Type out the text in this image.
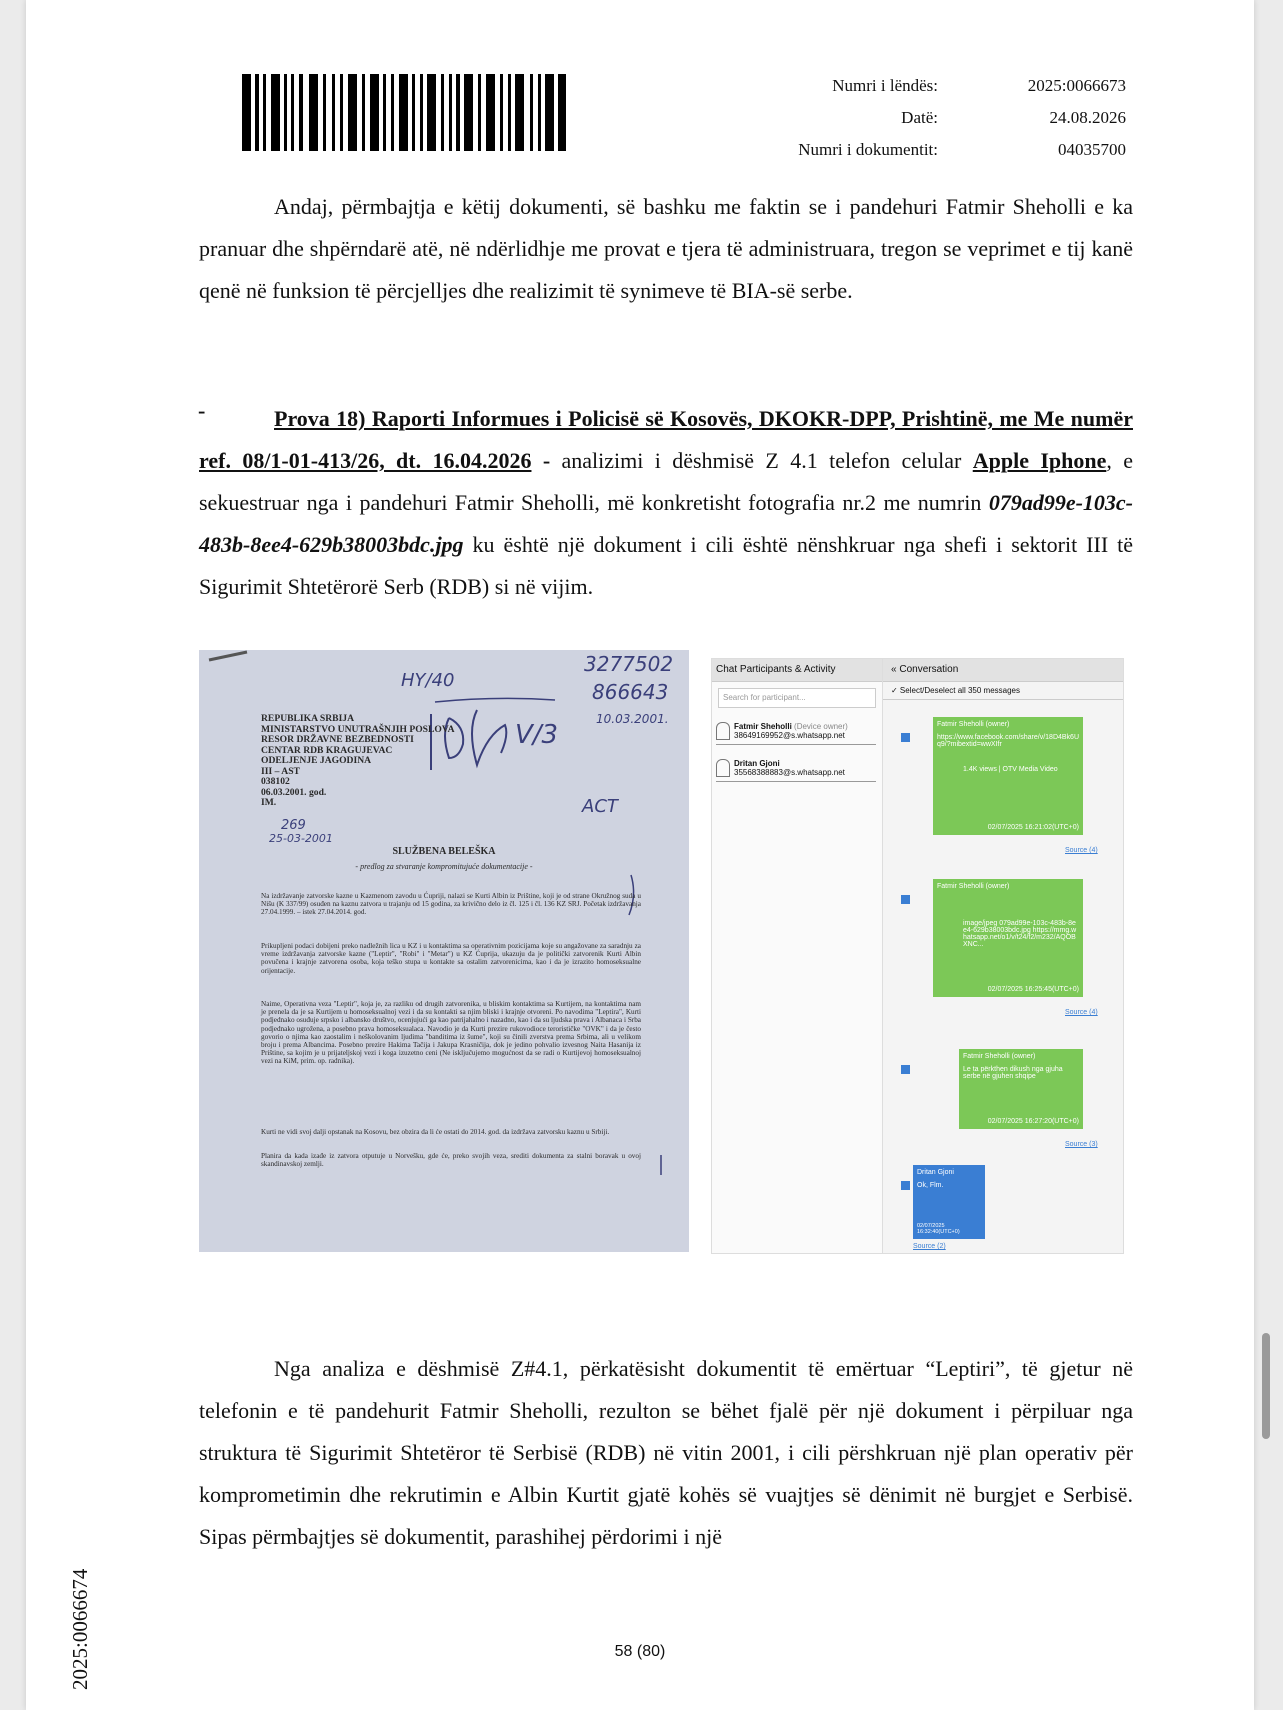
Numri i lëndës:	2025:0066673
Datë:	24.08.2026
Numri i dokumentit:	04035700

Andaj, përmbajtja e këtij dokumenti, së bashku me faktin se i pandehuri Fatmir Sheholli e ka pranuar dhe shpërndarë atë, në ndërlidhje me provat e tjera të administruara, tregon se veprimet e tij kanë qenë në funksion të përcjelljes dhe realizimit të synimeve të BIA-së serbe.

-	Prova 18) Raporti Informues i Policisë së Kosovës, DKOKR-DPP, Prishtinë, me Me numër ref. 08/1-01-413/26, dt. 16.04.2026 - analizimi i dëshmisë Z 4.1 telefon celular Apple Iphone, e sekuestruar nga i pandehuri Fatmir Sheholli, më konkretisht fotografia nr.2 me numrin 079ad99e-103c-483b-8ee4-629b38003bdc.jpg ku është një dokument i cili është nënshkruar nga shefi i sektorit III të Sigurimit Shtetërorë Serb (RDB) si në vijim.

3277502
866643
HY/40
10.03.2001.
V/3
ACT
269
25-03-2001
REPUBLIKA SRBIJA
MINISTARSTVO UNUTRAŠNJIH POSLOVA
RESOR DRŽAVNE BEZBEDNOSTI
CENTAR RDB KRAGUJEVAC
ODELJENJE JAGODINA
III – AST
038102
06.03.2001. god.
IM.
SLUŽBENA BELEŠKA
- predlog za stvaranje kompromitujuće dokumentacije -
Na izdržavanje zatvorske kazne u Kazmenom zavodu u Ćupriji, nalazi se Kurti Albin iz Prištine, koji je od strane Okružnog suda u Nišu (K 337/99) osuđen na kaznu zatvora u trajanju od 15 godina, za krivično delo iz čl. 125 i čl. 136 KZ SRJ. Početak izdržavanja 27.04.1999. – istek 27.04.2014. god.
Prikupljeni podaci dobijeni preko nadležnih lica u KZ i u kontaktima sa operativnim pozicijama koje su angažovane za saradnju za vreme izdržavanja zatvorske kazne ("Leptir", "Robi" i "Metar") u KZ Ćuprija, ukazuju da je politički zatvorenik Kurti Albin povučena i krajnje zatvorena osoba, koja teško stupa u kontakte sa ostalim zatvorenicima, kao i da je izrazito homoseksualne orijentacije.
Naime, Operativna veza "Leptir", koja je, za razliku od drugih zatvorenika, u bliskim kontaktima sa Kurtijem, na kontaktima nam je prenela da je sa Kurtijem u homoseksualnoj vezi i da su kontakti sa njim bliski i krajnje otvoreni. Po navodima "Leptira", Kurti podjednako osuđuje srpsko i albansko društvo, ocenjujući ga kao patrijahalno i nazadno, kao i da su ljudska prava i Albanaca i Srba podjednako ugrožena, a posebno prava homoseksualaca. Navodio je da Kurti prezire rukovodioce terorističke "OVK" i da je često govorio o njima kao zaostalim i neškolovanim ljudima "banditima iz šume", koji su činili zverstva prema Srbima, ali u velikom broju i prema Albancima. Posebno prezire Hakima Tačija i Jakupa Krasničija, dok je jedino pohvalio izvesnog Naita Hasanija iz Prištine, sa kojim je u prijateljskoj vezi i koga izuzetno ceni (Ne isključujemo mogućnost da se radi o Kurtijevoj homoseksualnoj vezi na KiM, prim. op. radnika).
Kurti ne vidi svoj dalji opstanak na Kosovu, bez obzira da li će ostati do 2014. god. da izdržava zatvorsku kaznu u Srbiji.
Planira da kada izađe iz zatvora otputuje u Norvešku, gde će, preko svojih veza, srediti dokumenta za stalni boravak u ovoj skandinavskoj zemlji.
Chat Participants & Activity
Search for participant...
Fatmir Sheholli (Device owner)
38649169952@s.whatsapp.net
Dritan Gjoni
35568388883@s.whatsapp.net
« Conversation
✓ Select/Deselect all 350 messages
Fatmir Sheholli (owner)
https://www.facebook.com/share/v/18D4Bk6Uq9/?mibextid=wwXIfr
1.4K views | OTV Media Video
02/07/2025 16:21:02(UTC+0)
Source (4)
Fatmir Sheholli (owner)
image/jpeg 079ad99e-103c-483b-8ee4-629b38003bdc.jpg https://mmg.whatsapp.net/o1/v/t24/f2/m232/AQOBXNC...
02/07/2025 16:25:45(UTC+0)
Source (4)
Fatmir Sheholli (owner)
Le ta përkthen dikush nga gjuha serbe në gjuhen shqipe
02/07/2025 16:27:20(UTC+0)
Source (3)
Dritan Gjoni
Ok, Flm.
02/07/2025 16:32:40(UTC+0)
Source (2)

Nga analiza e dëshmisë Z#4.1, përkatësisht dokumentit të emërtuar “Leptiri”, të gjetur në telefonin e të pandehurit Fatmir Sheholli, rezulton se bëhet fjalë për një dokument i përpiluar nga struktura të Sigurimit Shtetëror të Serbisë (RDB) në vitin 2001, i cili përshkruan një plan operativ për komprometimin dhe rekrutimin e Albin Kurtit gjatë kohës së vuajtjes së dënimit në burgjet e Serbisë. Sipas përmbajtjes së dokumentit, parashihej përdorimi i një

58 (80)
2025:0066674
